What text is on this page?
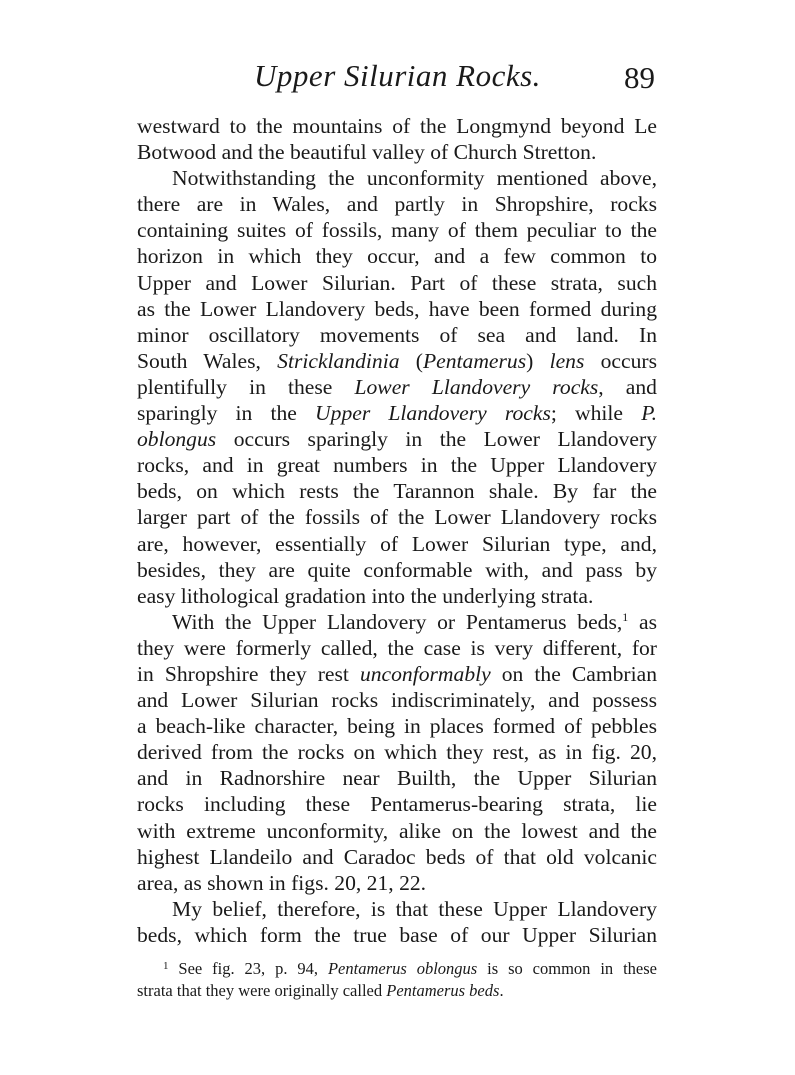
Upper Silurian Rocks.	89
westward to the mountains of the Longmynd beyond Le
Botwood and the beautiful valley of Church Stretton.
Notwithstanding the unconformity mentioned above,
there are in Wales, and partly in Shropshire, rocks
containing suites of fossils, many of them peculiar to the
horizon in which they occur, and a few common to
Upper and Lower Silurian. Part of these strata, such
as the Lower Llandovery beds, have been formed during
minor oscillatory movements of sea and land. In
South Wales, Stricklandinia (Pentamerus) lens occurs
plentifully in these Lower Llandovery rocks, and
sparingly in the Upper Llandovery rocks; while P.
oblongus occurs sparingly in the Lower Llandovery
rocks, and in great numbers in the Upper Llandovery
beds, on which rests the Tarannon shale. By far the
larger part of the fossils of the Lower Llandovery rocks
are, however, essentially of Lower Silurian type, and,
besides, they are quite conformable with, and pass by
easy lithological gradation into the underlying strata.
With the Upper Llandovery or Pentamerus beds,$^1$ as
they were formerly called, the case is very different, for
in Shropshire they rest unconformably on the Cambrian
and Lower Silurian rocks indiscriminately, and possess
a beach-like character, being in places formed of pebbles
derived from the rocks on which they rest, as in fig. 20,
and in Radnorshire near Builth, the Upper Silurian
rocks including these Pentamerus-bearing strata, lie
with extreme unconformity, alike on the lowest and the
highest Llandeilo and Caradoc beds of that old volcanic
area, as shown in figs. 20, 21, 22.
My belief, therefore, is that these Upper Llandovery
beds, which form the true base of our Upper Silurian
$^1$ See fig. 23, p. 94, Pentamerus oblongus is so common in these
strata that they were originally called Pentamerus beds.
